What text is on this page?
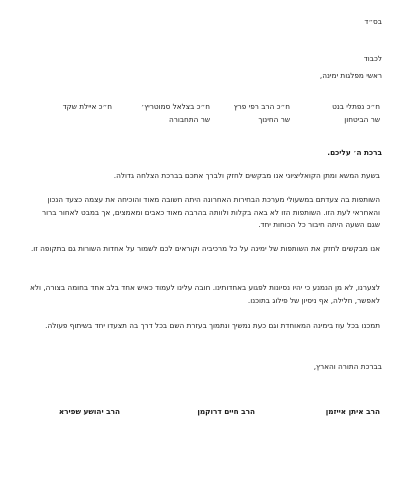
בס״ד
לכבוד
ראשי מפלגות ימינה,
ח״כ נפתלי בנט
שר הביטחון
ח״כ הרב רפי פרץ
שר החינוך
ח״כ בצלאל סמוטריץ׳
שר התחבורה
ח״כ איילת שקד
ברכת ה׳ עליכם.
בשעת המשא ומתן הקואליציוני אנו מבקשים לחזק ולברך אתכם בברכת הצלחה גדולה.
השותפות בה צעדתם במשעולי מערכת הבחירות האחרונה היתה חשובה מאוד והוכיחה את עצמה כצעד הנכון והאחראי לעת הזו. השותפות הזו לא באה בקלות ולוותה בהרבה מאוד כאבים ומאמצים, אך במבט לאחור ברור שגם השעה היתה חיבור כל הכוחות יחד.
אנו מבקשים לחזק את השותפות של ימינה על כל מרכיביה וקוראים לכם לשמור על אחדות השורות גם בתקופה זו.
לצערנו, לא מן הנמנע כי יהיו נסיונות לפגוע באחדותינו. חובה עלינו לעמוד כאיש אחד בלב אחד בחומה בצורה, ולא לאפשר, חלילה, אף ניסיון של פילוג בתוכנו.
תמכנו בכל עוז בימינה המאוחדת וגם כעת נמשיך ונתמוך בעזרת השם בכל דרך בה תצעדו יחד בשיתוף פעולה.
בברכת התורה והארץ,
הרב איתן אייזמן
הרב חיים דרוקמן
הרב יהושע שפירא
